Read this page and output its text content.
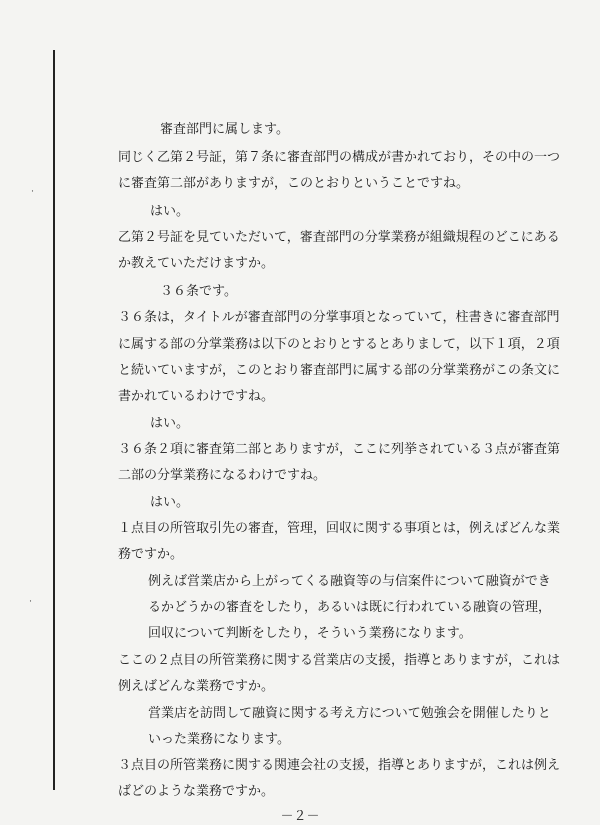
˙
˙
審査部門に属します。
同じく乙第２号証，第７条に審査部門の構成が書かれており，その中の一つ
に審査第二部がありますが，このとおりということですね。
はい。
乙第２号証を見ていただいて，審査部門の分掌業務が組織規程のどこにある
か教えていただけますか。
３６条です。
３６条は，タイトルが審査部門の分掌事項となっていて，柱書きに審査部門
に属する部の分掌業務は以下のとおりとするとありまして，以下１項，２項
と続いていますが，このとおり審査部門に属する部の分掌業務がこの条文に
書かれているわけですね。
はい。
３６条２項に審査第二部とありますが，ここに列挙されている３点が審査第
二部の分掌業務になるわけですね。
はい。
１点目の所管取引先の審査，管理，回収に関する事項とは，例えばどんな業
務ですか。
例えば営業店から上がってくる融資等の与信案件について融資ができ
るかどうかの審査をしたり，あるいは既に行われている融資の管理，
回収について判断をしたり，そういう業務になります。
ここの２点目の所管業務に関する営業店の支援，指導とありますが，これは
例えばどんな業務ですか。
営業店を訪問して融資に関する考え方について勉強会を開催したりと
いった業務になります。
３点目の所管業務に関する関連会社の支援，指導とありますが，これは例え
ばどのような業務ですか。
－２－
